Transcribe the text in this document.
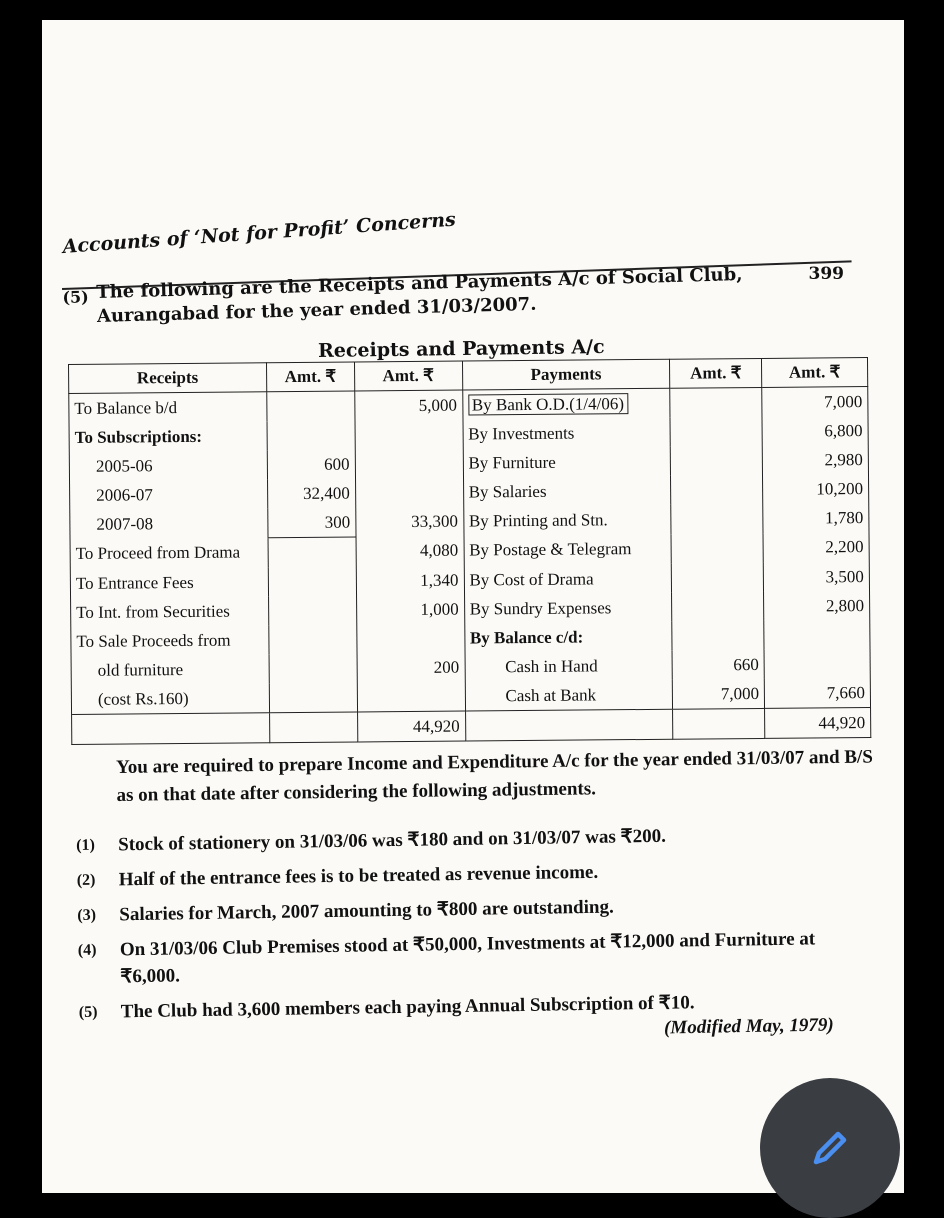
Accounts of ‘Not for Profit’ Concerns
399
(5) The following are the Receipts and Payments A/c of Social Club, Aurangabad for the year ended 31/03/2007.
Receipts and Payments A/c
Receipts	Amt. ₹	Amt. ₹	Payments	Amt. ₹	Amt. ₹
To Balance b/d		5,000	By Bank O.D.(1/4/06)		7,000
To Subscriptions:			By Investments		6,800
2005-06	600		By Furniture		2,980
2006-07	32,400		By Salaries		10,200
2007-08	300	33,300	By Printing and Stn.		1,780
To Proceed from Drama		4,080	By Postage & Telegram		2,200
To Entrance Fees		1,340	By Cost of Drama		3,500
To Int. from Securities		1,000	By Sundry Expenses		2,800
To Sale Proceeds from			By Balance c/d:		
old furniture		200	Cash in Hand	660	
(cost Rs.160)			Cash at Bank	7,000	7,660
		44,920			44,920
You are required to prepare Income and Expenditure A/c for the year ended 31/03/07 and B/S as on that date after considering the following adjustments.
(1) Stock of stationery on 31/03/06 was ₹180 and on 31/03/07 was ₹200.
(2) Half of the entrance fees is to be treated as revenue income.
(3) Salaries for March, 2007 amounting to ₹800 are outstanding.
(4) On 31/03/06 Club Premises stood at ₹50,000, Investments at ₹12,000 and Furniture at ₹6,000.
(5) The Club had 3,600 members each paying Annual Subscription of ₹10.
(Modified May, 1979)
